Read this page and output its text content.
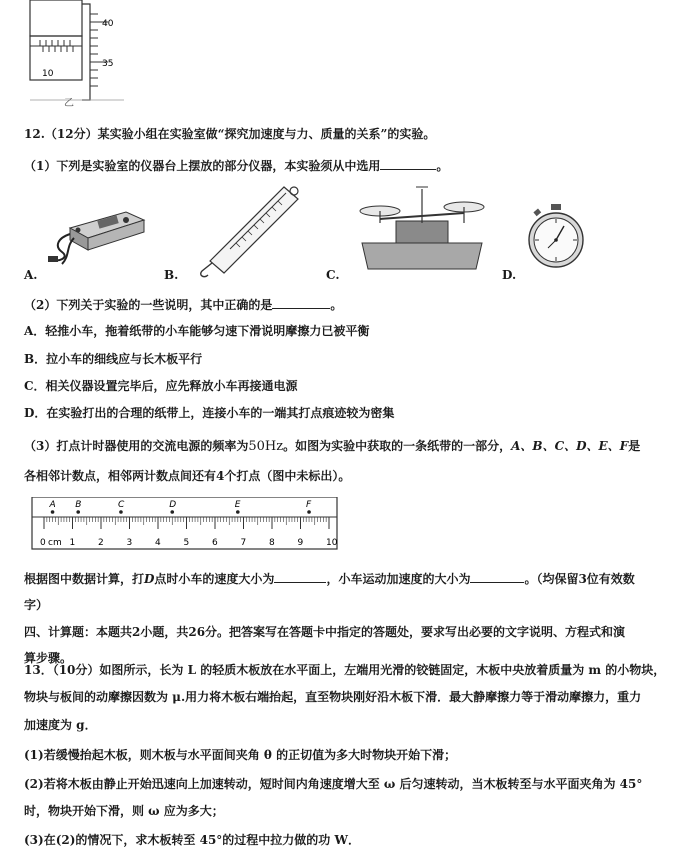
40
35
10
乙
12.（12分）某实验小组在实验室做“探究加速度与力、质量的关系”的实验。
（1）下列是实验室的仪器台上摆放的部分仪器，本实验须从中选用	。
A.	B.	C.	D.
（2）下列关于实验的一些说明，其中正确的是	。
A．轻推小车，拖着纸带的小车能够匀速下滑说明摩擦力已被平衡
B．拉小车的细线应与长木板平行
C．相关仪器设置完毕后，应先释放小车再接通电源
D．在实验打出的合理的纸带上，连接小车的一端其打点痕迹较为密集
（3）打点计时器使用的交流电源的频率为50Hz。如图为实验中获取的一条纸带的一部分，A、B、C、D、E、F是
各相邻计数点，相邻两计数点间还有4个打点（图中未标出）。
1	2	3	4	5	6	7	8	9	10
A B	C	D	E	F
0 cm
根据图中数据计算，打D点时小车的速度大小为	，小车运动加速度的大小为	。（均保留3位有效数
字）
四、计算题：本题共2小题，共26分。把答案写在答题卡中指定的答题处，要求写出必要的文字说明、方程式和演
算步骤。
13．（10分）如图所示，长为 L 的轻质木板放在水平面上，左端用光滑的铰链固定，木板中央放着质量为 m 的小物块，
物块与板间的动摩擦因数为 μ.用力将木板右端抬起，直至物块刚好沿木板下滑．最大静摩擦力等于滑动摩擦力，重力
加速度为 g．
(1)若缓慢抬起木板，则木板与水平面间夹角 θ 的正切值为多大时物块开始下滑；
(2)若将木板由静止开始迅速向上加速转动，短时间内角速度增大至 ω 后匀速转动，当木板转至与水平面夹角为 45°
时，物块开始下滑，则 ω 应为多大；
(3)在(2)的情况下，求木板转至 45°的过程中拉力做的功 W．
